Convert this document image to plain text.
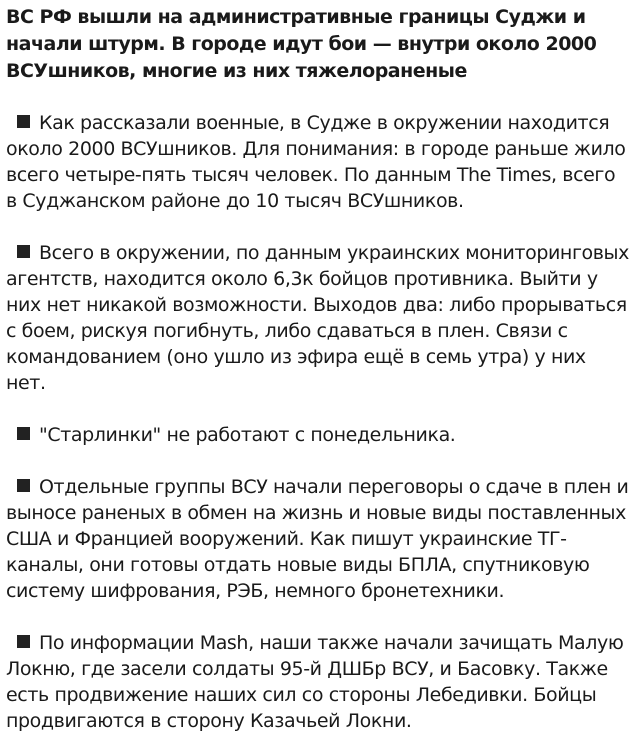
ВС РФ вышли на административные границы Суджи и начали штурм. В городе идут бои — внутри около 2000 ВСУшников, многие из них тяжелораненые

Как рассказали военные, в Судже в окружении находится около 2000 ВСУшников. Для понимания: в городе раньше жило всего четыре-пять тысяч человек. По данным The Times, всего в Суджанском районе до 10 тысяч ВСУшников.

Всего в окружении, по данным украинских мониторинговых агентств, находится около 6,3к бойцов противника. Выйти у них нет никакой возможности. Выходов два: либо прорываться с боем, рискуя погибнуть, либо сдаваться в плен. Связи с командованием (оно ушло из эфира ещё в семь утра) у них нет.

"Старлинки" не работают с понедельника.

Отдельные группы ВСУ начали переговоры о сдаче в плен и выносе раненых в обмен на жизнь и новые виды поставленных США и Францией вооружений. Как пишут украинские ТГ-каналы, они готовы отдать новые виды БПЛА, спутниковую систему шифрования, РЭБ, немного бронетехники.

По информации Mash, наши также начали зачищать Малую Локню, где засели солдаты 95-й ДШБр ВСУ, и Басовку. Также есть продвижение наших сил со стороны Лебедивки. Бойцы продвигаются в сторону Казачьей Локни.
